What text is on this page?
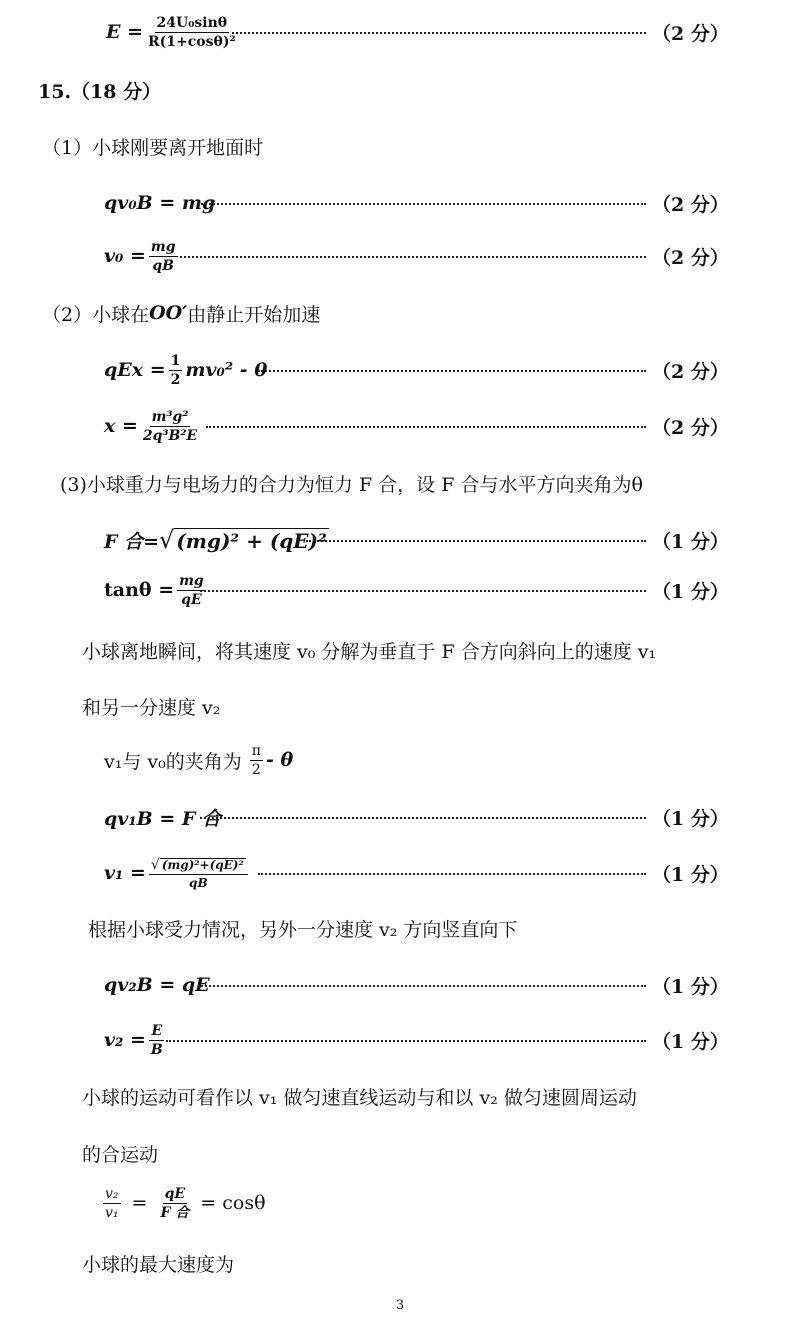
$E = \frac{\text{24U₀sinθ}}{\text{R(1+cosθ)²}}$	（2 分）
15.（18 分）
（1）小球刚要离开地面时
qv₀B = mg	（2 分）
$v_0 = \frac{mg}{qB}$	（2 分）
（2）小球在 OO′ 由静止开始加速
qEx = $\frac{1}{2} mv_0^2 - 0$	（2 分）
$x = \frac{\text{m³g²}}{\text{2q³B²E}}$	（2 分）
(3)小球重力与电场力的合力为恒力 F 合，设 F 合与水平方向夹角为θ
F 合= √ (mg)² + (qE)²	（1 分）
$\tan\theta = \frac{mg}{qE}$	（1 分）
小球离地瞬间，将其速度 v₀ 分解为垂直于 F 合方向斜向上的速度 v₁
和另一分速度 v₂
v₁与 v₀的夹角为 $\frac{\pi}{2}$ - θ
qv₁B = F 合	（1 分）
$v_1 = \frac{\text{√ (mg)²+(qE)²}}{qB}$	（1 分）
根据小球受力情况，另外一分速度 v₂ 方向竖直向下
qv₂B = qE	（1 分）
$v_2 = \frac{E}{B}$	（1 分）
小球的运动可看作以 v₁ 做匀速直线运动与和以 v₂ 做匀速圆周运动
的合运动
$\frac{\text{v₂}}{\text{v₁}} = \frac{qE}{\text{F 合}} = \cos\theta$
小球的最大速度为
3
